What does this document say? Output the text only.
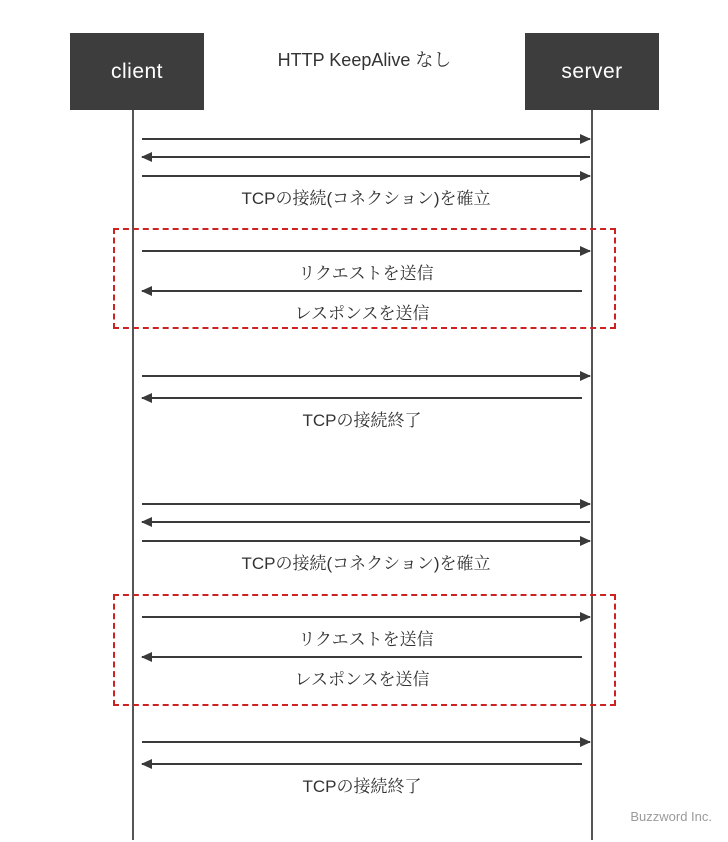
client	server
HTTP KeepAlive なし
TCPの接続(コネクション)を確立
リクエストを送信
レスポンスを送信
TCPの接続終了
TCPの接続(コネクション)を確立
リクエストを送信
レスポンスを送信
TCPの接続終了
Buzzword Inc.
